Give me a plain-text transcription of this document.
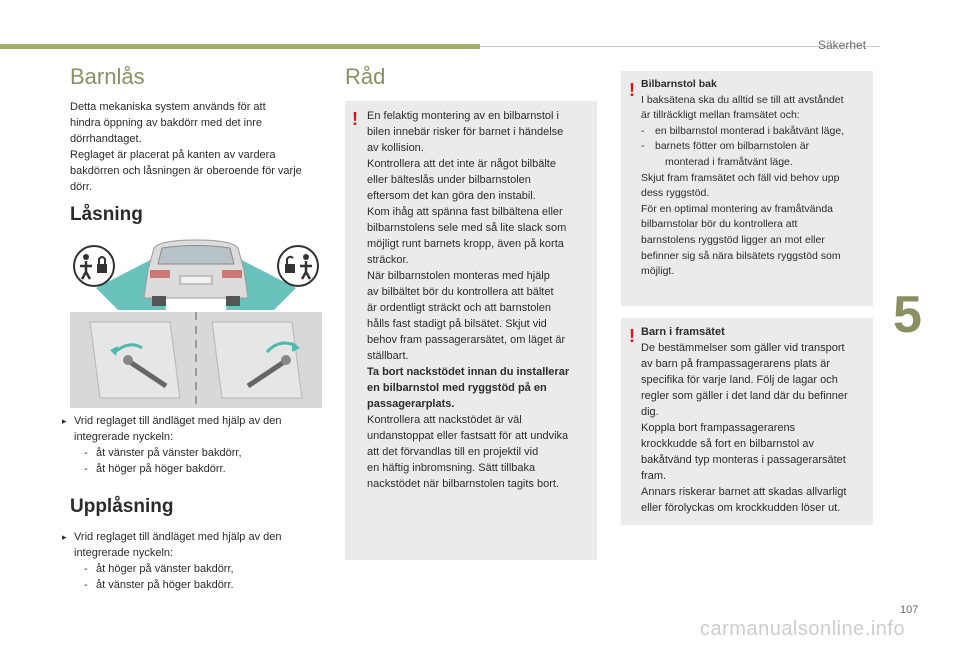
Säkerhet
5
Barnlås
Detta mekaniska system används för att
hindra öppning av bakdörr med det inre
dörrhandtaget.
Reglaget är placerat på kanten av vardera
bakdörren och låsningen är oberoende för varje
dörr.
Låsning
▸ Vrid reglaget till ändläget med hjälp av den
integrerade nyckeln:
- åt vänster på vänster bakdörr,
- åt höger på höger bakdörr.
Upplåsning
▸ Vrid reglaget till ändläget med hjälp av den
integrerade nyckeln:
- åt höger på vänster bakdörr,
- åt vänster på höger bakdörr.
Råd
! En felaktig montering av en bilbarnstol i
bilen innebär risker för barnet i händelse
av kollision.
Kontrollera att det inte är något bilbälte
eller bälteslås under bilbarnstolen
eftersom det kan göra den instabil.
Kom ihåg att spänna fast bilbältena eller
bilbarnstolens sele med så lite slack som
möjligt runt barnets kropp, även på korta
sträckor.
När bilbarnstolen monteras med hjälp
av bilbältet bör du kontrollera att bältet
är ordentligt sträckt och att barnstolen
hålls fast stadigt på bilsätet. Skjut vid
behov fram passagerarsätet, om läget är
ställbart.
Ta bort nackstödet innan du installerar
en bilbarnstol med ryggstöd på en
passagerarplats.
Kontrollera att nackstödet är väl
undanstoppat eller fastsatt för att undvika
att det förvandlas till en projektil vid
en häftig inbromsning. Sätt tillbaka
nackstödet när bilbarnstolen tagits bort.
! Bilbarnstol bak
I baksätena ska du alltid se till att avståndet
är tillräckligt mellan framsätet och:
-	en bilbarnstol monterad i bakåtvänt läge,
-	barnets fötter om bilbarnstolen är
monterad i framåtvänt läge.
Skjut fram framsätet och fäll vid behov upp
dess ryggstöd.
För en optimal montering av framåtvända
bilbarnstolar bör du kontrollera att
barnstolens ryggstöd ligger an mot eller
befinner sig så nära bilsätets ryggstöd som
möjligt.
! Barn i framsätet
De bestämmelser som gäller vid transport
av barn på frampassagerarens plats är
specifika för varje land. Följ de lagar och
regler som gäller i det land där du befinner
dig.
Koppla bort frampassagerarens
krockkudde så fort en bilbarnstol av
bakåtvänd typ monteras i passagerarsätet
fram.
Annars riskerar barnet att skadas allvarligt
eller förolyckas om krockkudden löser ut.
107
carmanualsonline.info
